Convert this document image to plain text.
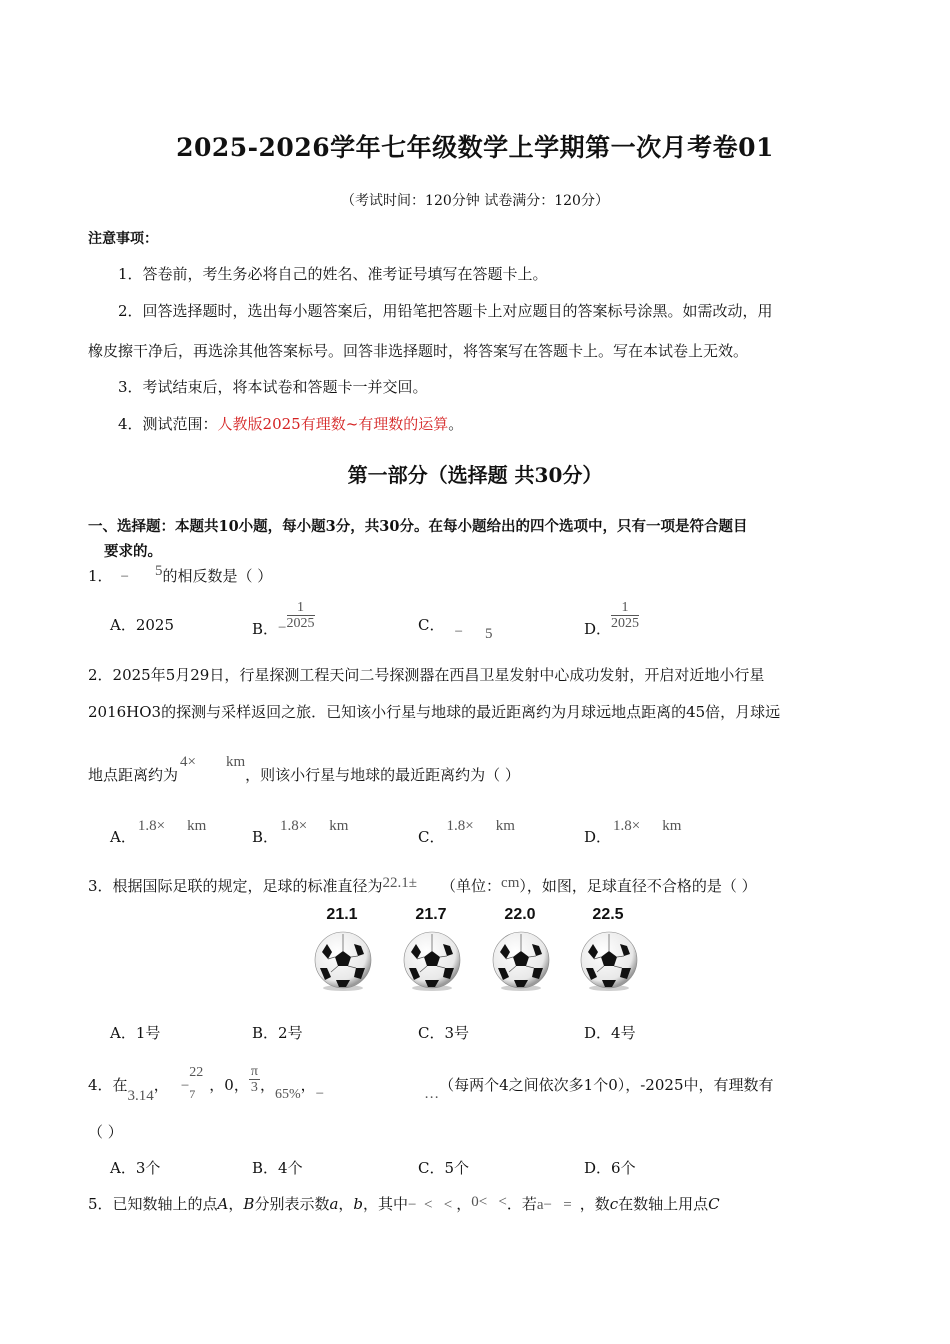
2025-2026学年七年级数学上学期第一次月考卷01
（考试时间：120分钟 试卷满分：120分）
注意事项：
1．答卷前，考生务必将自己的姓名、准考证号填写在答题卡上。
2．回答选择题时，选出每小题答案后，用铅笔把答题卡上对应题目的答案标号涂黑。如需改动，用
橡皮擦干净后，再选涂其他答案标号。回答非选择题时，将答案写在答题卡上。写在本试卷上无效。
3．考试结束后，将本试卷和答题卡一并交回。
4．测试范围：人教版2025有理数~有理数的运算。
第一部分（选择题 共30分）
一、选择题：本题共10小题，每小题3分，共30分。在每小题给出的四个选项中，只有一项是符合题目
要求的。
1． − 5的相反数是（ ）
A．2025	B．− $\frac{1}{2025}$	C． − 5	D． $\frac{1}{2025}$
2．2025年5月29日，行星探测工程天问二号探测器在西昌卫星发射中心成功发射，开启对近地小行星
2016HO3的探测与采样返回之旅．已知该小行星与地球的最近距离约为月球远地点距离的45倍，月球远
地点距离约为4× km，则该小行星与地球的最近距离约为（ ）
A．1.8× km
B．1.8× km
C．1.8× km
D．1.8× km
3．根据国际足联的规定，足球的标准直径为22.1± （单位：cm），如图，足球直径不合格的是（ ）
21.1	21.7	22.0	22.5
A．1号	B．2号	C．3号	D．4号
4．在3.14， $-22_7$ ，0， $\frac{\pi}{3}$ ，65%，−	…（每两个4之间依次多1个0），-2025中，有理数有
（ ）
A．3个	B．4个	C．5个	D．6个
5．已知数轴上的点A，B分别表示数a，b，其中−  <   < ，0<   <．若a−   = ，数c在数轴上用点C
